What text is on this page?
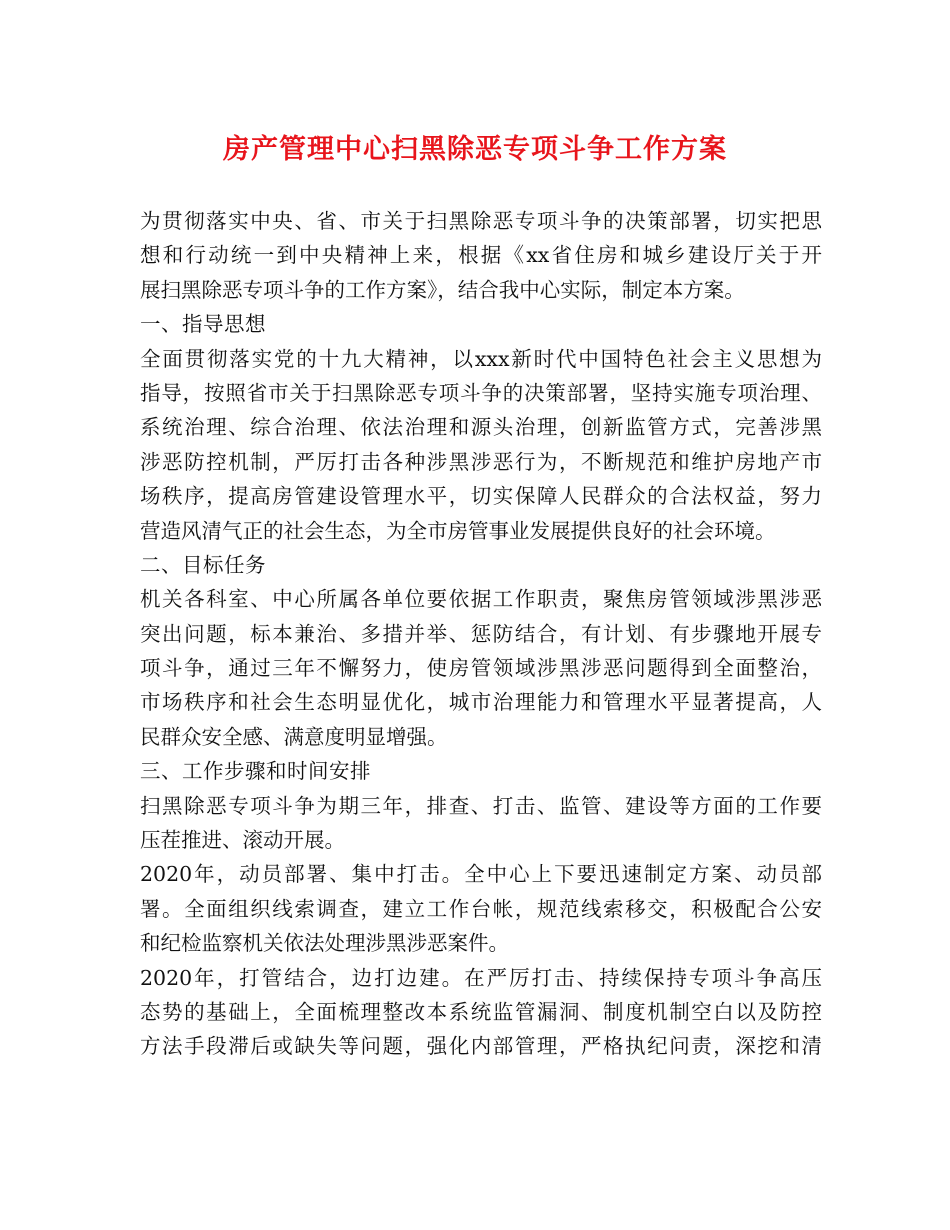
房产管理中心扫黑除恶专项斗争工作方案
为贯彻落实中央、省、市关于扫黑除恶专项斗争的决策部署，切实把思
想和行动统一到中央精神上来，根据《xx省住房和城乡建设厅关于开
展扫黑除恶专项斗争的工作方案》，结合我中心实际，制定本方案。
一、指导思想
全面贯彻落实党的十九大精神，以xxx新时代中国特色社会主义思想为
指导，按照省市关于扫黑除恶专项斗争的决策部署，坚持实施专项治理、
系统治理、综合治理、依法治理和源头治理，创新监管方式，完善涉黑
涉恶防控机制，严厉打击各种涉黑涉恶行为，不断规范和维护房地产市
场秩序，提高房管建设管理水平，切实保障人民群众的合法权益，努力
营造风清气正的社会生态，为全市房管事业发展提供良好的社会环境。
二、目标任务
机关各科室、中心所属各单位要依据工作职责，聚焦房管领域涉黑涉恶
突出问题，标本兼治、多措并举、惩防结合，有计划、有步骤地开展专
项斗争，通过三年不懈努力，使房管领域涉黑涉恶问题得到全面整治，
市场秩序和社会生态明显优化，城市治理能力和管理水平显著提高，人
民群众安全感、满意度明显增强。
三、工作步骤和时间安排
扫黑除恶专项斗争为期三年，排查、打击、监管、建设等方面的工作要
压茬推进、滚动开展。
2020年，动员部署、集中打击。全中心上下要迅速制定方案、动员部
署。全面组织线索调查，建立工作台帐，规范线索移交，积极配合公安
和纪检监察机关依法处理涉黑涉恶案件。
2020年，打管结合，边打边建。在严厉打击、持续保持专项斗争高压
态势的基础上，全面梳理整改本系统监管漏洞、制度机制空白以及防控
方法手段滞后或缺失等问题，强化内部管理，严格执纪问责，深挖和清
